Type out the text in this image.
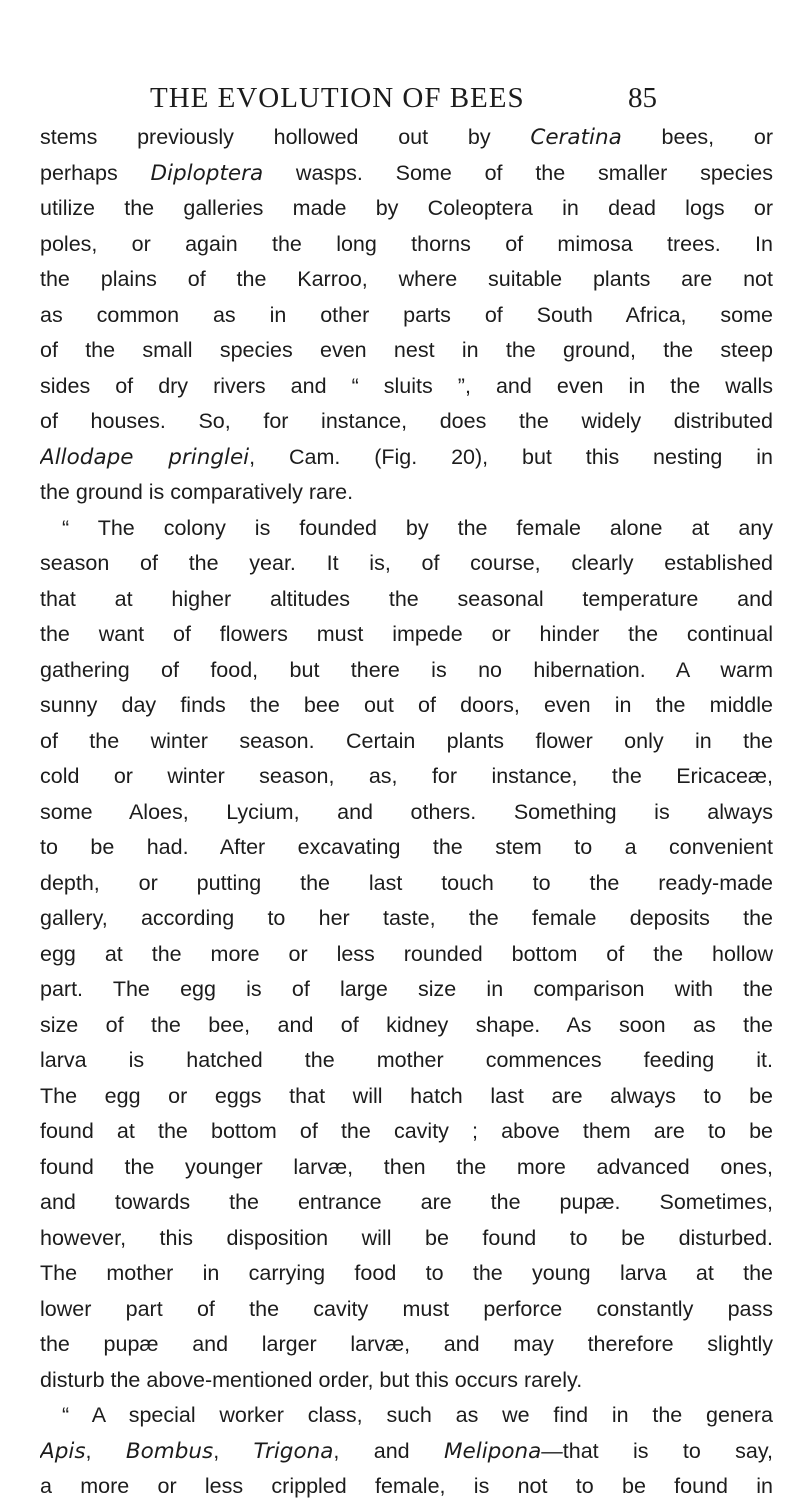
THE EVOLUTION OF BEES	85
stems previously hollowed out by Ceratina bees, or
perhaps Diploptera wasps. Some of the smaller species
utilize the galleries made by Coleoptera in dead logs or
poles, or again the long thorns of mimosa trees. In
the plains of the Karroo, where suitable plants are not
as common as in other parts of South Africa, some
of the small species even nest in the ground, the steep
sides of dry rivers and “ sluits ”, and even in the walls
of houses. So, for instance, does the widely distributed
Allodape pringlei, Cam. (Fig. 20), but this nesting in
the ground is comparatively rare.
“ The colony is founded by the female alone at any
season of the year. It is, of course, clearly established
that at higher altitudes the seasonal temperature and
the want of flowers must impede or hinder the continual
gathering of food, but there is no hibernation. A warm
sunny day finds the bee out of doors, even in the middle
of the winter season. Certain plants flower only in the
cold or winter season, as, for instance, the Ericaceæ,
some Aloes, Lycium, and others. Something is always
to be had. After excavating the stem to a convenient
depth, or putting the last touch to the ready-made
gallery, according to her taste, the female deposits the
egg at the more or less rounded bottom of the hollow
part. The egg is of large size in comparison with the
size of the bee, and of kidney shape. As soon as the
larva is hatched the mother commences feeding it.
The egg or eggs that will hatch last are always to be
found at the bottom of the cavity ; above them are to be
found the younger larvæ, then the more advanced ones,
and towards the entrance are the pupæ. Sometimes,
however, this disposition will be found to be disturbed.
The mother in carrying food to the young larva at the
lower part of the cavity must perforce constantly pass
the pupæ and larger larvæ, and may therefore slightly
disturb the above-mentioned order, but this occurs rarely.
“ A special worker class, such as we find in the genera
Apis, Bombus, Trigona, and Melipona—that is to say,
a more or less crippled female, is not to be found in
